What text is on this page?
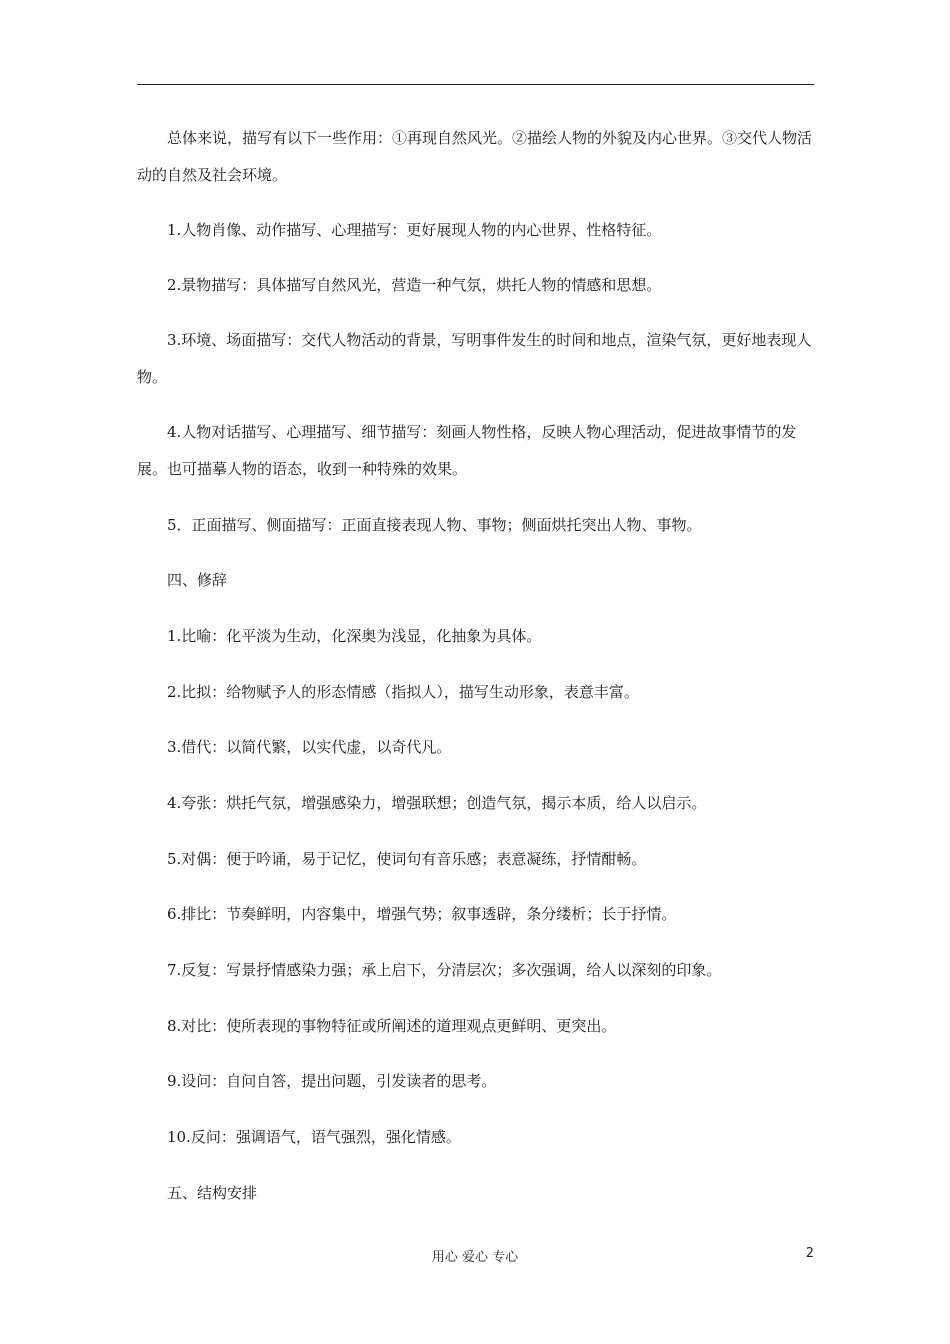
总体来说，描写有以下一些作用：①再现自然风光。②描绘人物的外貌及内心世界。③交代人物活动的自然及社会环境。

1.人物肖像、动作描写、心理描写：更好展现人物的内心世界、性格特征。

2.景物描写：具体描写自然风光，营造一种气氛，烘托人物的情感和思想。

3.环境、场面描写：交代人物活动的背景，写明事件发生的时间和地点，渲染气氛，更好地表现人物。

4.人物对话描写、心理描写、细节描写：刻画人物性格，反映人物心理活动，促进故事情节的发展。也可描摹人物的语态，收到一种特殊的效果。

5．正面描写、侧面描写：正面直接表现人物、事物；侧面烘托突出人物、事物。

四、修辞

1.比喻：化平淡为生动，化深奥为浅显，化抽象为具体。

2.比拟：给物赋予人的形态情感（指拟人），描写生动形象，表意丰富。

3.借代：以简代繁，以实代虚，以奇代凡。

4.夸张：烘托气氛，增强感染力，增强联想；创造气氛，揭示本质，给人以启示。

5.对偶：便于吟诵，易于记忆，使词句有音乐感；表意凝练，抒情酣畅。

6.排比：节奏鲜明，内容集中，增强气势；叙事透辟，条分缕析；长于抒情。

7.反复：写景抒情感染力强；承上启下，分清层次；多次强调，给人以深刻的印象。

8.对比：使所表现的事物特征或所阐述的道理观点更鲜明、更突出。

9.设问：自问自答，提出问题，引发读者的思考。

10.反问：强调语气，语气强烈，强化情感。

五、结构安排

用心 爱心 专心	2
